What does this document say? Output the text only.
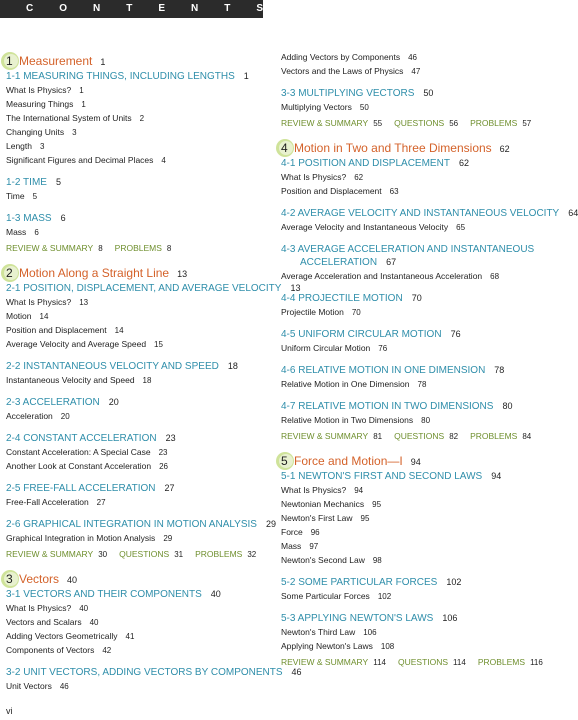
CONTENTS
1 Measurement 1
1-1 MEASURING THINGS, INCLUDING LENGTHS 1
What Is Physics? 1
Measuring Things 1
The International System of Units 2
Changing Units 3
Length 3
Significant Figures and Decimal Places 4
1-2 TIME 5
Time 5
1-3 MASS 6
Mass 6
REVIEW & SUMMARY 8 PROBLEMS 8
2 Motion Along a Straight Line 13
2-1 POSITION, DISPLACEMENT, AND AVERAGE VELOCITY 13
What Is Physics? 13
Motion 14
Position and Displacement 14
Average Velocity and Average Speed 15
2-2 INSTANTANEOUS VELOCITY AND SPEED 18
Instantaneous Velocity and Speed 18
2-3 ACCELERATION 20
Acceleration 20
2-4 CONSTANT ACCELERATION 23
Constant Acceleration: A Special Case 23
Another Look at Constant Acceleration 26
2-5 FREE-FALL ACCELERATION 27
Free-Fall Acceleration 27
2-6 GRAPHICAL INTEGRATION IN MOTION ANALYSIS 29
Graphical Integration in Motion Analysis 29
REVIEW & SUMMARY 30 QUESTIONS 31 PROBLEMS 32
3 Vectors 40
3-1 VECTORS AND THEIR COMPONENTS 40
What Is Physics? 40
Vectors and Scalars 40
Adding Vectors Geometrically 41
Components of Vectors 42
3-2 UNIT VECTORS, ADDING VECTORS BY COMPONENTS 46
Unit Vectors 46
Adding Vectors by Components 46
Vectors and the Laws of Physics 47
3-3 MULTIPLYING VECTORS 50
Multiplying Vectors 50
REVIEW & SUMMARY 55 QUESTIONS 56 PROBLEMS 57
4 Motion in Two and Three Dimensions 62
4-1 POSITION AND DISPLACEMENT 62
What Is Physics? 62
Position and Displacement 63
4-2 AVERAGE VELOCITY AND INSTANTANEOUS VELOCITY 64
Average Velocity and Instantaneous Velocity 65
4-3 AVERAGE ACCELERATION AND INSTANTANEOUS
ACCELERATION 67
Average Acceleration and Instantaneous Acceleration 68
4-4 PROJECTILE MOTION 70
Projectile Motion 70
4-5 UNIFORM CIRCULAR MOTION 76
Uniform Circular Motion 76
4-6 RELATIVE MOTION IN ONE DIMENSION 78
Relative Motion in One Dimension 78
4-7 RELATIVE MOTION IN TWO DIMENSIONS 80
Relative Motion in Two Dimensions 80
REVIEW & SUMMARY 81 QUESTIONS 82 PROBLEMS 84
5 Force and Motion—I 94
5-1 NEWTON'S FIRST AND SECOND LAWS 94
What Is Physics? 94
Newtonian Mechanics 95
Newton's First Law 95
Force 96
Mass 97
Newton's Second Law 98
5-2 SOME PARTICULAR FORCES 102
Some Particular Forces 102
5-3 APPLYING NEWTON'S LAWS 106
Newton's Third Law 106
Applying Newton's Laws 108
REVIEW & SUMMARY 114 QUESTIONS 114 PROBLEMS 116
vi
